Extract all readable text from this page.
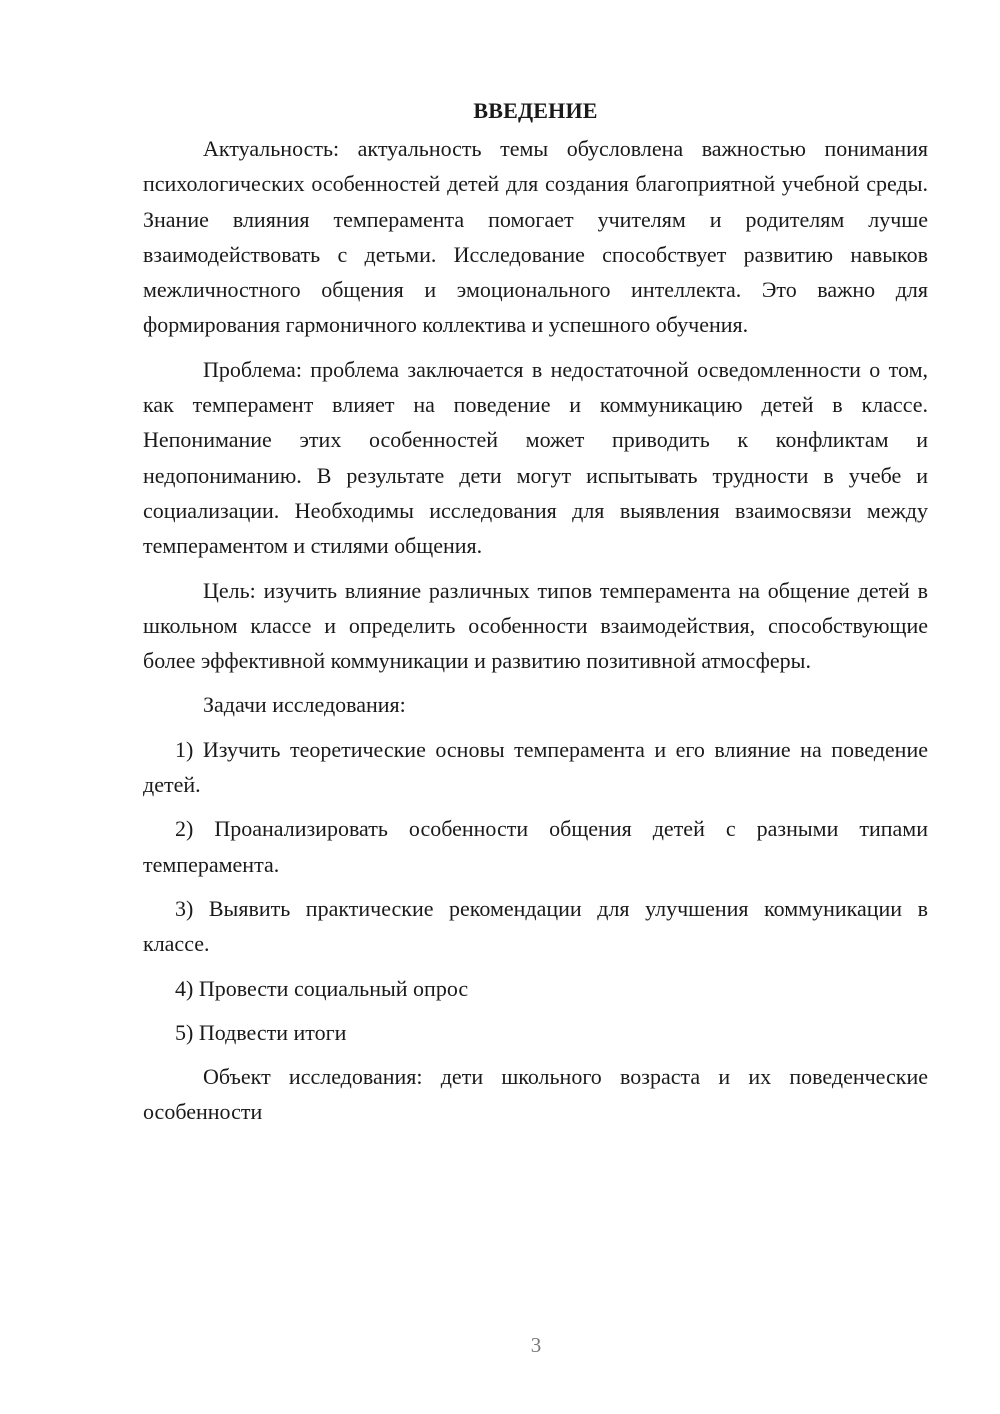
ВВЕДЕНИЕ

Актуальность: актуальность темы обусловлена важностью понимания психологических особенностей детей для создания благоприятной учебной среды. Знание влияния темперамента помогает учителям и родителям лучше взаимодействовать с детьми. Исследование способствует развитию навыков межличностного общения и эмоционального интеллекта. Это важно для формирования гармоничного коллектива и успешного обучения.

Проблема: проблема заключается в недостаточной осведомленности о том, как темперамент влияет на поведение и коммуникацию детей в классе. Непонимание этих особенностей может приводить к конфликтам и недопониманию. В результате дети могут испытывать трудности в учебе и социализации. Необходимы исследования для выявления взаимосвязи между темпераментом и стилями общения.

Цель: изучить влияние различных типов темперамента на общение детей в школьном классе и определить особенности взаимодействия, способствующие более эффективной коммуникации и развитию позитивной атмосферы.

Задачи исследования:

1) Изучить теоретические основы темперамента и его влияние на поведение детей.

2) Проанализировать особенности общения детей с разными типами темперамента.

3) Выявить практические рекомендации для улучшения коммуникации в классе.

4) Провести социальный опрос

5) Подвести итоги

Объект исследования: дети школьного возраста и их поведенческие особенности

3
